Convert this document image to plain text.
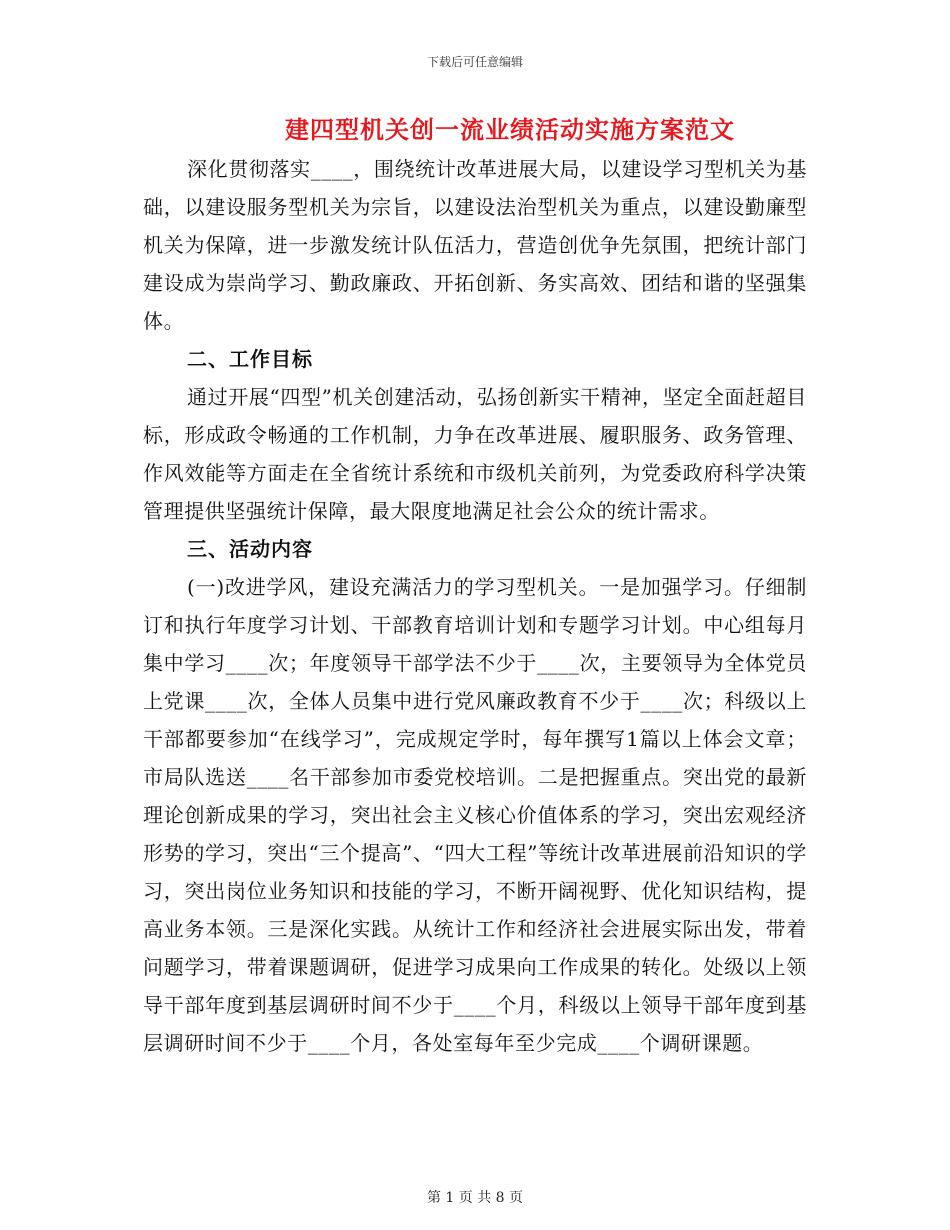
下载后可任意编辑
建四型机关创一流业绩活动实施方案范文

深化贯彻落实____，围绕统计改革进展大局，以建设学习型机关为基础，以建设服务型机关为宗旨，以建设法治型机关为重点，以建设勤廉型机关为保障，进一步激发统计队伍活力，营造创优争先氛围，把统计部门建设成为崇尚学习、勤政廉政、开拓创新、务实高效、团结和谐的坚强集体。

二、工作目标

通过开展“四型”机关创建活动，弘扬创新实干精神，坚定全面赶超目标，形成政令畅通的工作机制，力争在改革进展、履职服务、政务管理、作风效能等方面走在全省统计系统和市级机关前列，为党委政府科学决策管理提供坚强统计保障，最大限度地满足社会公众的统计需求。

三、活动内容

(一)改进学风，建设充满活力的学习型机关。一是加强学习。仔细制订和执行年度学习计划、干部教育培训计划和专题学习计划。中心组每月集中学习____次；年度领导干部学法不少于____次，主要领导为全体党员上党课____次，全体人员集中进行党风廉政教育不少于____次；科级以上干部都要参加“在线学习”，完成规定学时，每年撰写1篇以上体会文章；市局队选送____名干部参加市委党校培训。二是把握重点。突出党的最新理论创新成果的学习，突出社会主义核心价值体系的学习，突出宏观经济形势的学习，突出“三个提高”、“四大工程”等统计改革进展前沿知识的学习，突出岗位业务知识和技能的学习，不断开阔视野、优化知识结构，提高业务本领。三是深化实践。从统计工作和经济社会进展实际出发，带着问题学习，带着课题调研，促进学习成果向工作成果的转化。处级以上领导干部年度到基层调研时间不少于____个月，科级以上领导干部年度到基层调研时间不少于____个月，各处室每年至少完成____个调研课题。

第 1 页 共 8 页
